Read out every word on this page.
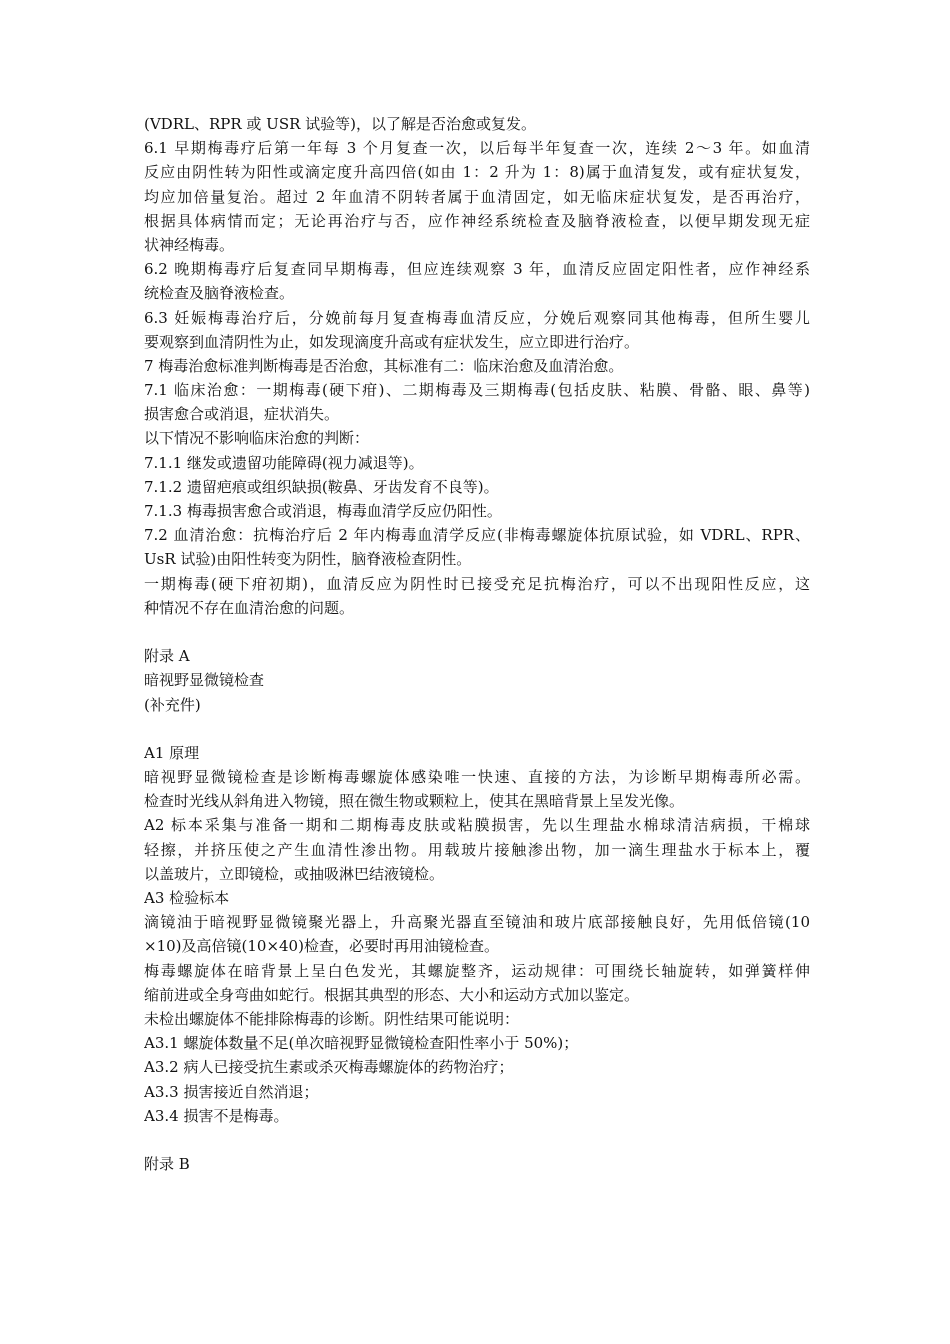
(VDRL、RPR 或 USR 试验等)，以了解是否治愈或复发。

6.1 早期梅毒疗后第一年每 3 个月复查一次，以后每半年复查一次，连续 2～3 年。如血清

反应由阴性转为阳性或滴定度升高四倍(如由 1：2 升为 1：8)属于血清复发，或有症状复发，

均应加倍量复治。超过 2 年血清不阴转者属于血清固定，如无临床症状复发，是否再治疗，

根据具体病情而定；无论再治疗与否，应作神经系统检查及脑脊液检查，以便早期发现无症

状神经梅毒。

6.2 晚期梅毒疗后复查同早期梅毒，但应连续观察 3 年，血清反应固定阳性者，应作神经系

统检查及脑脊液检查。

6.3 妊娠梅毒治疗后，分娩前每月复查梅毒血清反应，分娩后观察同其他梅毒，但所生婴儿

要观察到血清阴性为止，如发现滴度升高或有症状发生，应立即进行治疗。

7 梅毒治愈标准判断梅毒是否治愈，其标准有二：临床治愈及血清治愈。

7.1 临床治愈：一期梅毒(硬下疳)、二期梅毒及三期梅毒(包括皮肤、粘膜、骨骼、眼、鼻等)

损害愈合或消退，症状消失。

以下情况不影响临床治愈的判断：

7.1.1 继发或遗留功能障碍(视力减退等)。

7.1.2 遗留疤痕或组织缺损(鞍鼻、牙齿发育不良等)。

7.1.3 梅毒损害愈合或消退，梅毒血清学反应仍阳性。

7.2 血清治愈：抗梅治疗后 2 年内梅毒血清学反应(非梅毒螺旋体抗原试验，如 VDRL、RPR、

UsR 试验)由阳性转变为阴性，脑脊液检查阴性。

一期梅毒(硬下疳初期)，血清反应为阴性时已接受充足抗梅治疗，可以不出现阳性反应，这

种情况不存在血清治愈的问题。

附录 A

暗视野显微镜检查

(补充件)

A1 原理

暗视野显微镜检查是诊断梅毒螺旋体感染唯一快速、直接的方法，为诊断早期梅毒所必需。

检查时光线从斜角进入物镜，照在微生物或颗粒上，使其在黑暗背景上呈发光像。

A2 标本采集与准备一期和二期梅毒皮肤或粘膜损害，先以生理盐水棉球清洁病损，干棉球

轻擦，并挤压使之产生血清性渗出物。用载玻片接触渗出物，加一滴生理盐水于标本上，覆

以盖玻片，立即镜检，或抽吸淋巴结液镜检。

A3 检验标本

滴镜油于暗视野显微镜聚光器上，升高聚光器直至镜油和玻片底部接触良好，先用低倍镜(10

×10)及高倍镜(10×40)检查，必要时再用油镜检查。

梅毒螺旋体在暗背景上呈白色发光，其螺旋整齐，运动规律：可围绕长轴旋转，如弹簧样伸

缩前进或全身弯曲如蛇行。根据其典型的形态、大小和运动方式加以鉴定。

未检出螺旋体不能排除梅毒的诊断。阴性结果可能说明：

A3.1 螺旋体数量不足(单次暗视野显微镜检查阳性率小于 50%)；

A3.2 病人已接受抗生素或杀灭梅毒螺旋体的药物治疗；

A3.3 损害接近自然消退；

A3.4 损害不是梅毒。

附录 B
